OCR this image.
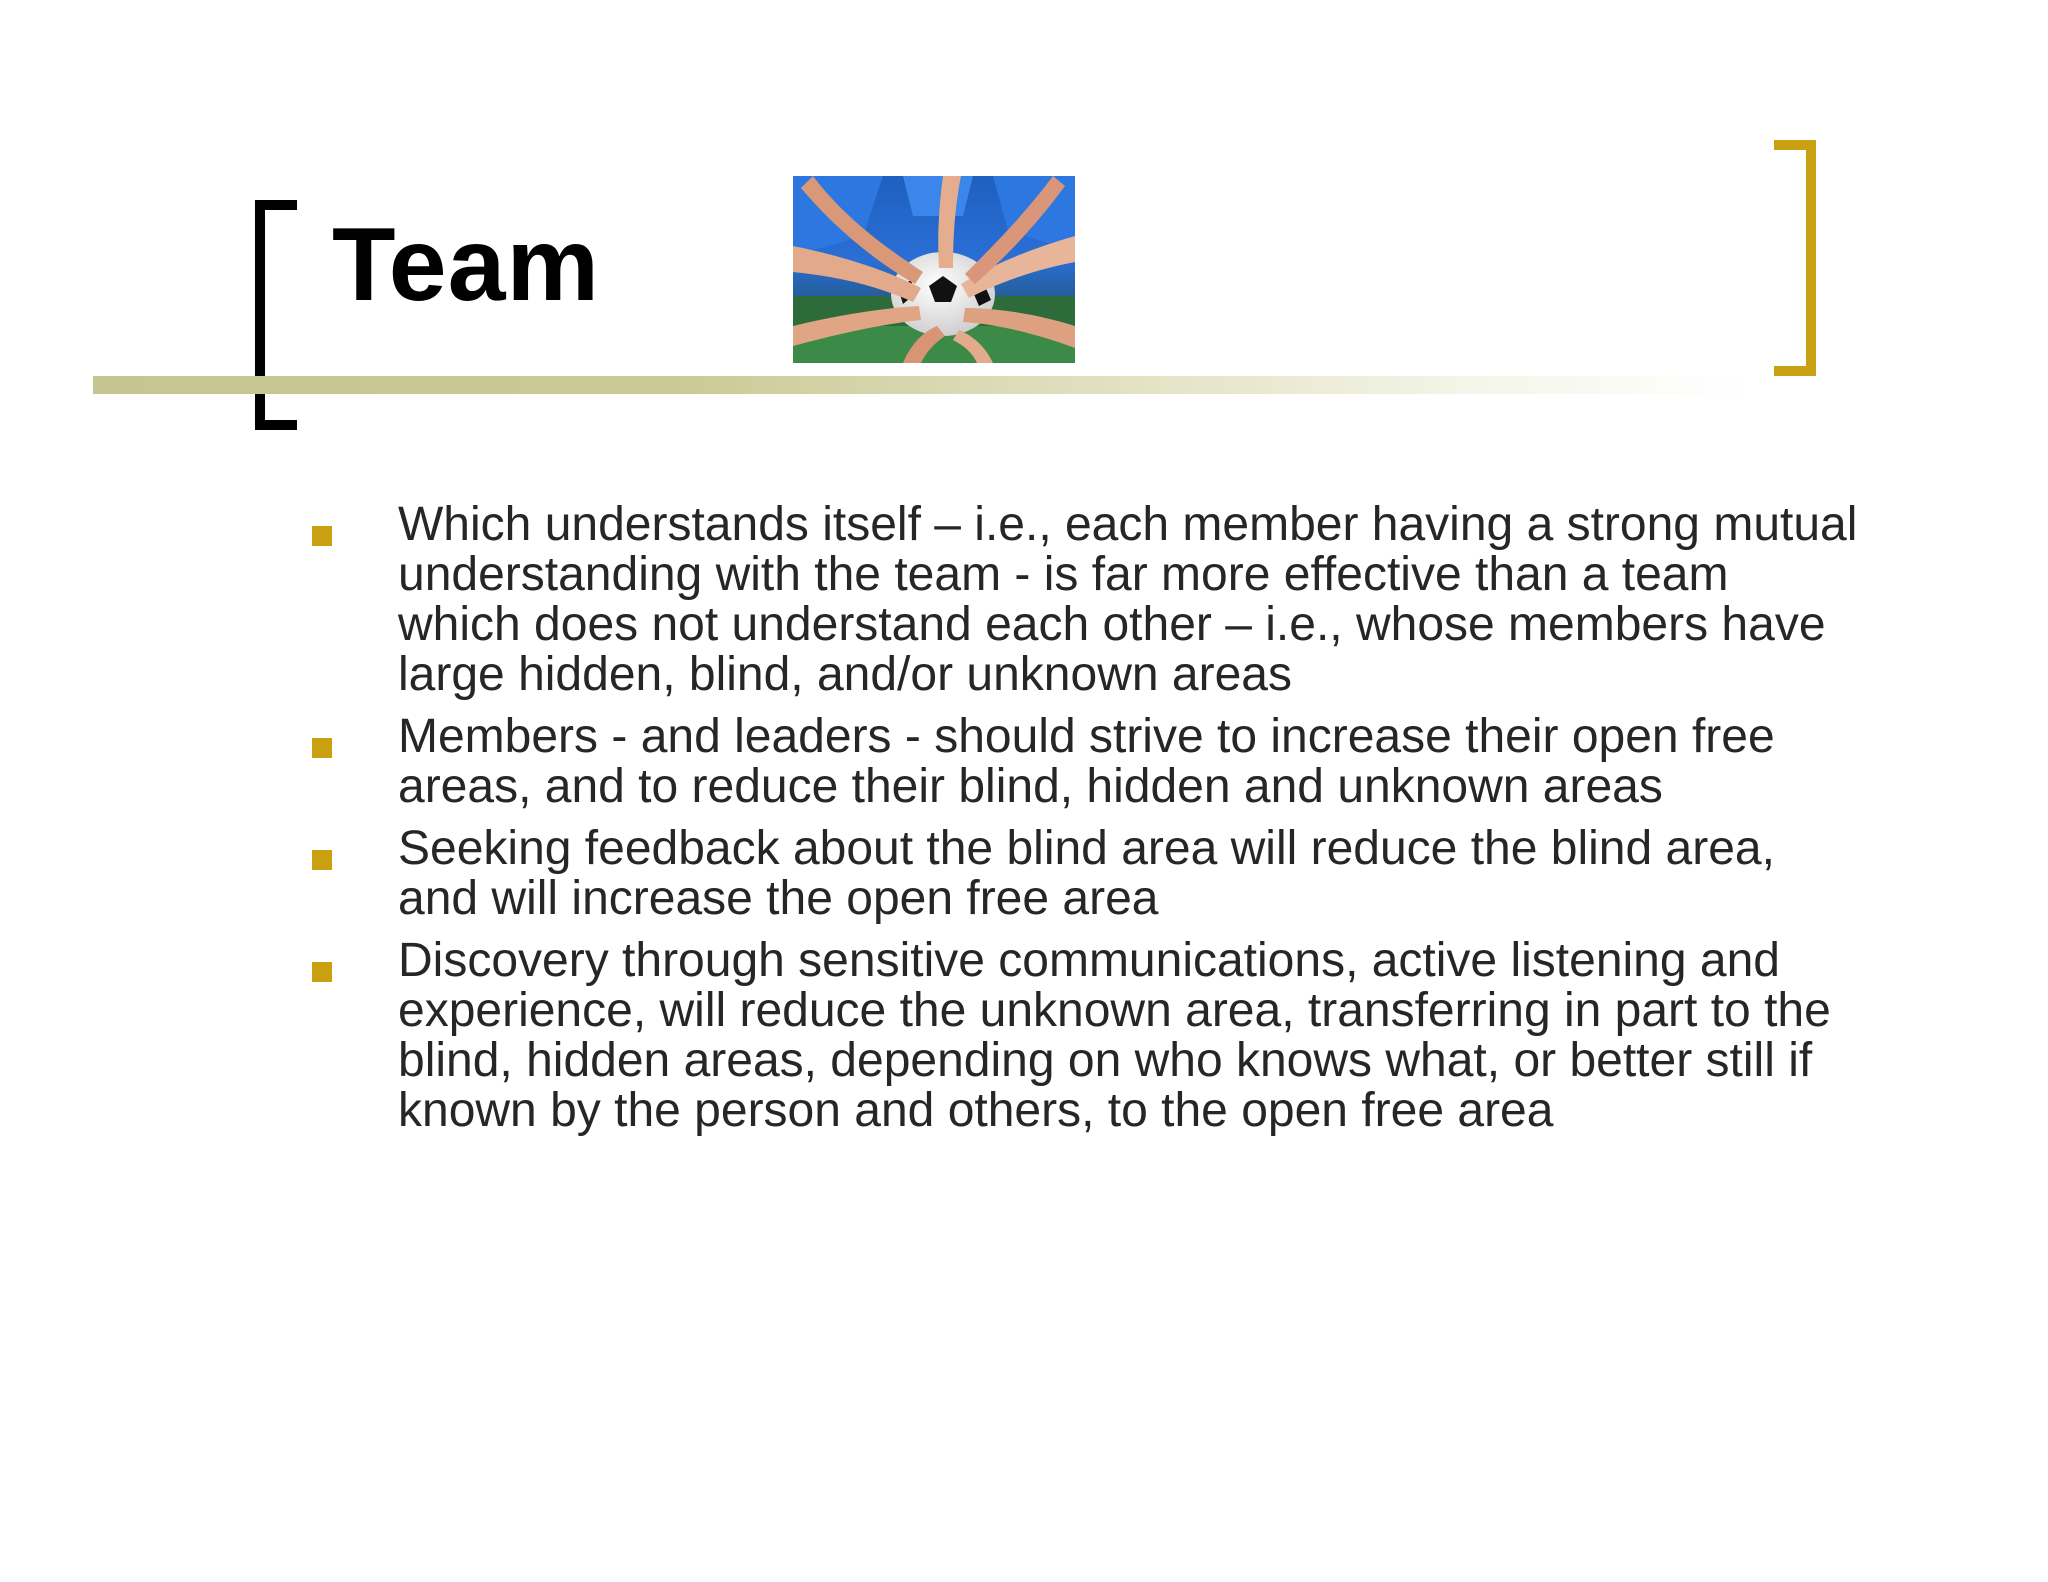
Team
Which understands itself – i.e., each member having a strong mutual understanding with the team - is far more effective than a team which does not understand each other – i.e., whose members have large hidden, blind, and/or unknown areas
Members - and leaders - should strive to increase their open free areas, and to reduce their blind, hidden and unknown areas
Seeking feedback about the blind area will reduce the blind area, and will increase the open free area
Discovery through sensitive communications, active listening and experience, will reduce the unknown area, transferring in part to the blind, hidden areas, depending on who knows what, or better still if known by the person and others, to the open free area
